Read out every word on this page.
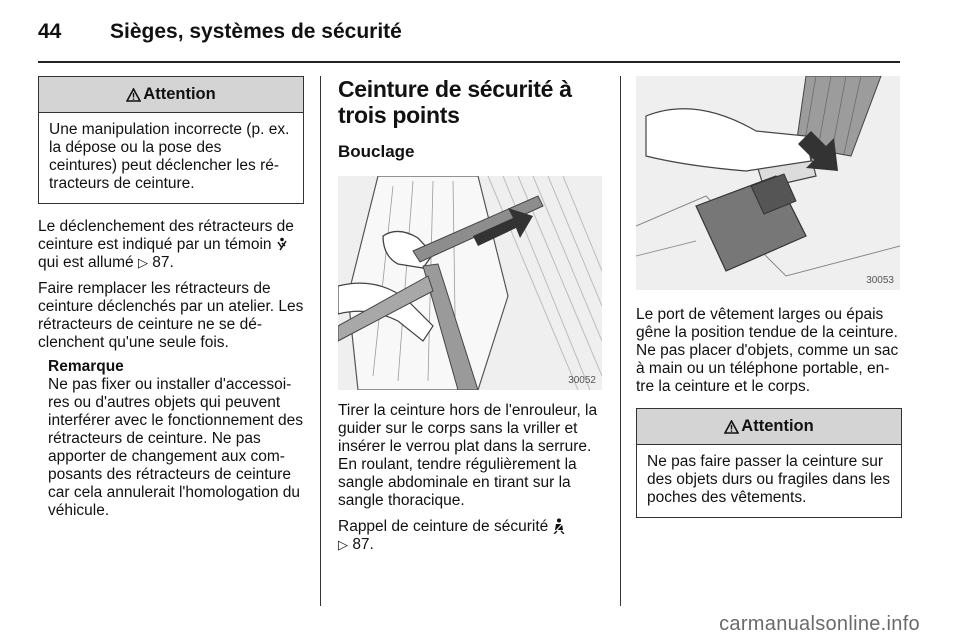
44 Sièges, systèmes de sécurité
Attention
Une manipulation incorrecte (p. ex. la dépose ou la pose des ceintures) peut déclencher les rétracteurs de ceinture.

Le déclenchement des rétracteurs de ceinture est indiqué par un témoin  qui est allumé ▷ 87.

Faire remplacer les rétracteurs de ceinture déclenchés par un atelier. Les rétracteurs de ceinture ne se déclenchent qu'une seule fois.

Remarque
Ne pas fixer ou installer d'accessoires ou d'autres objets qui peuvent interférer avec le fonctionnement des rétracteurs de ceinture. Ne pas apporter de changement aux composants des rétracteurs de ceinture car cela annulerait l'homologation du véhicule.
Ceinture de sécurité à trois points
Bouclage
30052

Tirer la ceinture hors de l'enrouleur, la guider sur le corps sans la vriller et insérer le verrou plat dans la serrure. En roulant, tendre régulièrement la sangle abdominale en tirant sur la sangle thoracique.

Rappel de ceinture de sécurité
▷ 87.

30053

Le port de vêtement larges ou épais gêne la position tendue de la ceinture. Ne pas placer d'objets, comme un sac à main ou un téléphone portable, entre la ceinture et le corps.

Attention
Ne pas faire passer la ceinture sur des objets durs ou fragiles dans les poches des vêtements.
carmanualsonline.info
